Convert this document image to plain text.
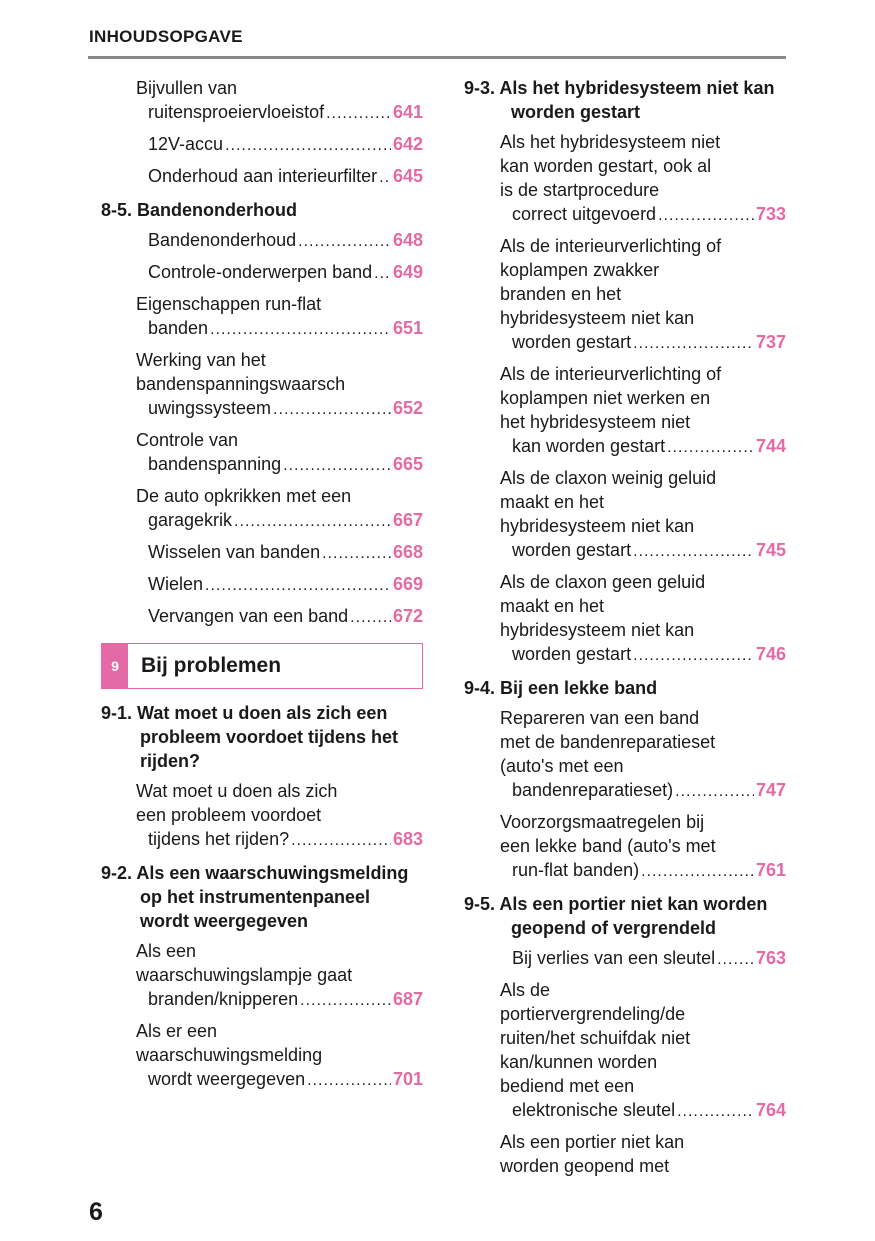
INHOUDSOPGAVE
Bijvullen van
ruitensproeiervloeistof .....	641
12V-accu .....	642
Onderhoud aan interieurfilter ..... 645
8-5. Bandenonderhoud
Bandenonderhoud .....	648
Controle-onderwerpen band ..... 649
Eigenschappen run-flat
banden .....	651
Werking van het
bandenspanningswaarsch
uwingssysteem .....	652
Controle van
bandenspanning .....	665
De auto opkrikken met een
garagekrik .....	667
Wisselen van banden .....	668
Wielen .....	669
Vervangen van een band ..... 672
9	Bij problemen
9-1. Wat moet u doen als zich een probleem voordoet tijdens het rijden?
Wat moet u doen als zich
een probleem voordoet
tijdens het rijden? .....	683
9-2. Als een waarschuwingsmelding op het instrumentenpaneel wordt weergegeven
Als een
waarschuwingslampje gaat
branden/knipperen .....	687
Als er een
waarschuwingsmelding
wordt weergegeven .....	701
9-3. Als het hybridesysteem niet kan worden gestart
Als het hybridesysteem niet
kan worden gestart, ook al
is de startprocedure
correct uitgevoerd .....	733
Als de interieurverlichting of
koplampen zwakker
branden en het
hybridesysteem niet kan
worden gestart .....	737
Als de interieurverlichting of
koplampen niet werken en
het hybridesysteem niet
kan worden gestart .....	744
Als de claxon weinig geluid
maakt en het
hybridesysteem niet kan
worden gestart .....	745
Als de claxon geen geluid
maakt en het
hybridesysteem niet kan
worden gestart .....	746
9-4. Bij een lekke band
Repareren van een band
met de bandenreparatieset
(auto's met een
bandenreparatieset) .....	747
Voorzorgsmaatregelen bij
een lekke band (auto's met
run-flat banden) .....	761
9-5. Als een portier niet kan worden geopend of vergrendeld
Bij verlies van een sleutel ..... 763
Als de
portiervergrendeling/de
ruiten/het schuifdak niet
kan/kunnen worden
bediend met een
elektronische sleutel .....	764
Als een portier niet kan
worden geopend met
6
